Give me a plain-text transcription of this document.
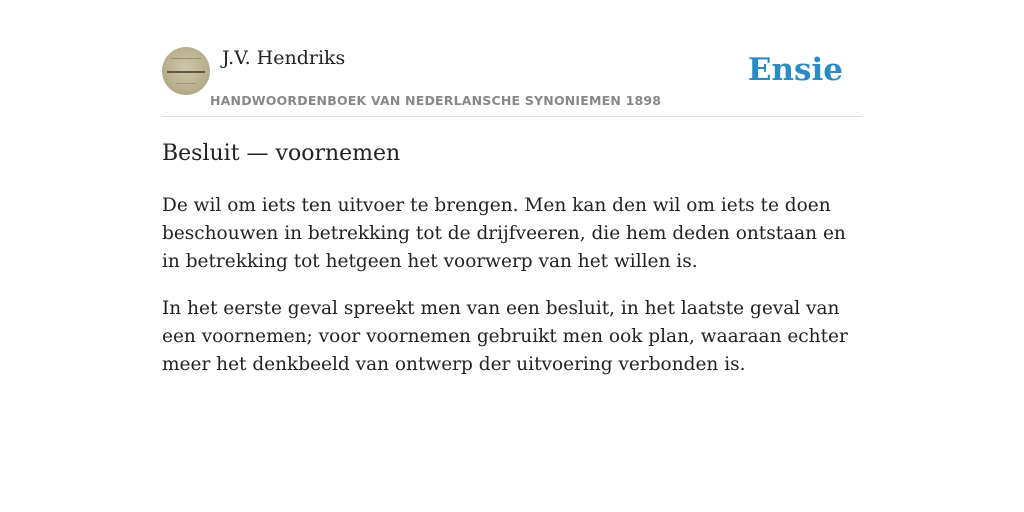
J.V. Hendriks
HANDWOORDENBOEK VAN NEDERLANSCHE SYNONIEMEN 1898
Ensie
Besluit — voornemen

De wil om iets ten uitvoer te brengen. Men kan den wil om iets te doen beschouwen in betrekking tot de drijfveeren, die hem deden ontstaan en in betrekking tot hetgeen het voorwerp van het willen is.

In het eerste geval spreekt men van een besluit, in het laatste geval van een voornemen; voor voornemen gebruikt men ook plan, waaraan echter meer het denkbeeld van ontwerp der uitvoering verbonden is.
